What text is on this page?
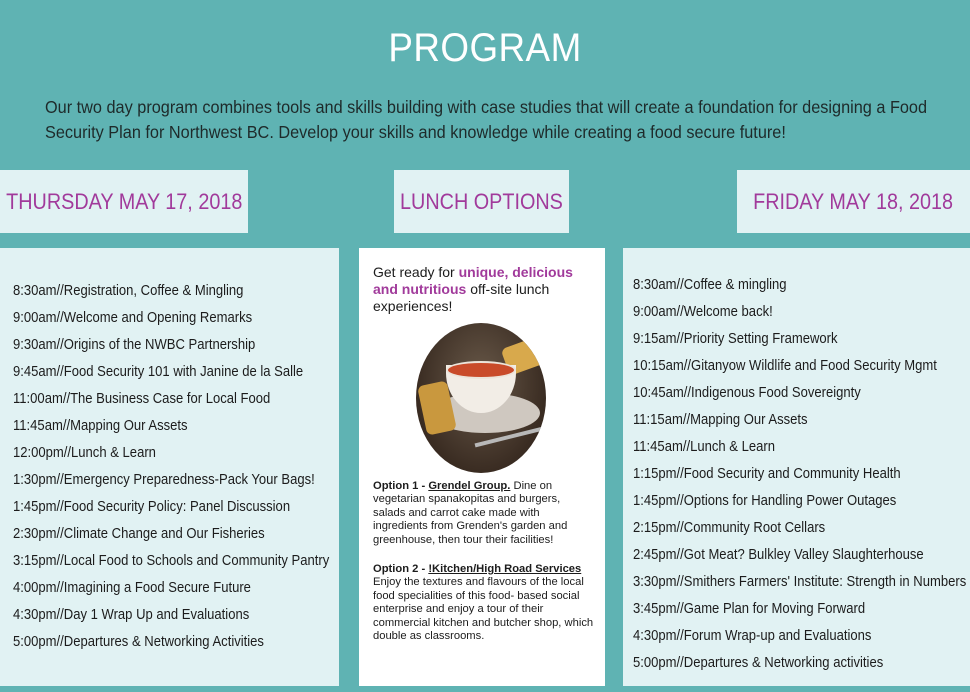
PROGRAM
Our two day program combines tools and skills building with case studies that will create a foundation for designing a Food Security Plan for Northwest BC. Develop your skills and knowledge while creating a food secure future!
THURSDAY MAY 17, 2018	LUNCH OPTIONS	FRIDAY MAY 18, 2018
8:30am//Registration, Coffee & Mingling
9:00am//Welcome and Opening Remarks
9:30am//Origins of the NWBC Partnership
9:45am//Food Security 101 with Janine de la Salle
11:00am//The Business Case for Local Food
11:45am//Mapping Our Assets
12:00pm//Lunch & Learn
1:30pm//Emergency Preparedness-Pack Your Bags!
1:45pm//Food Security Policy: Panel Discussion
2:30pm//Climate Change and Our Fisheries
3:15pm//Local Food to Schools and Community Pantry
4:00pm//Imagining a Food Secure Future
4:30pm//Day 1 Wrap Up and Evaluations
5:00pm//Departures & Networking Activities
Get ready for unique, delicious and nutritious off-site lunch experiences!
Option 1 - Grendel Group. Dine on vegetarian spanakopitas and burgers, salads and carrot cake made with ingredients from Grenden's garden and greenhouse, then tour their facilities!
Option 2 - !Kitchen/High Road Services Enjoy the textures and flavours of the local food specialities of this food- based social enterprise and enjoy a tour of their commercial kitchen and butcher shop, which double as classrooms.
8:30am//Coffee & mingling
9:00am//Welcome back!
9:15am//Priority Setting Framework
10:15am//Gitanyow Wildlife and Food Security Mgmt
10:45am//Indigenous Food Sovereignty
11:15am//Mapping Our Assets
11:45am//Lunch & Learn
1:15pm//Food Security and Community Health
1:45pm//Options for Handling Power Outages
2:15pm//Community Root Cellars
2:45pm//Got Meat? Bulkley Valley Slaughterhouse
3:30pm//Smithers Farmers' Institute: Strength in Numbers
3:45pm//Game Plan for Moving Forward
4:30pm//Forum Wrap-up and Evaluations
5:00pm//Departures & Networking activities
